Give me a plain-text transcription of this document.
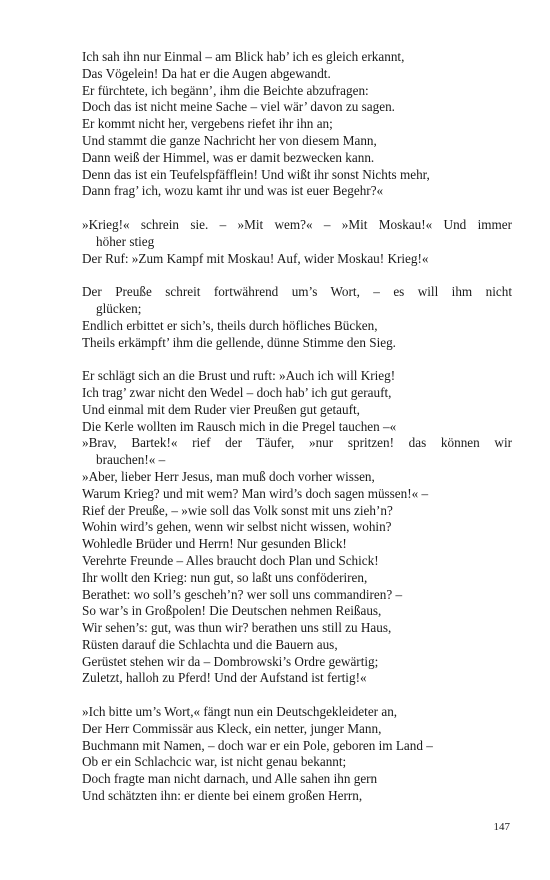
Ich sah ihn nur Einmal – am Blick hab’ ich es gleich erkannt,
Das Vögelein! Da hat er die Augen abgewandt.
Er fürchtete, ich begänn’, ihm die Beichte abzufragen:
Doch das ist nicht meine Sache – viel wär’ davon zu sagen.
Er kommt nicht her, vergebens riefet ihr ihn an;
Und stammt die ganze Nachricht her von diesem Mann,
Dann weiß der Himmel, was er damit bezwecken kann.
Denn das ist ein Teufelspfäfflein! Und wißt ihr sonst Nichts mehr,
Dann frag’ ich, wozu kamt ihr und was ist euer Begehr?«
»Krieg!« schrein sie. – »Mit wem?« – »Mit Moskau!« Und immer
höher stieg
Der Ruf: »Zum Kampf mit Moskau! Auf, wider Moskau! Krieg!«
Der Preuße schreit fortwährend um’s Wort, – es will ihm nicht
glücken;
Endlich erbittet er sich’s, theils durch höfliches Bücken,
Theils erkämpft’ ihm die gellende, dünne Stimme den Sieg.
Er schlägt sich an die Brust und ruft: »Auch ich will Krieg!
Ich trag’ zwar nicht den Wedel – doch hab’ ich gut gerauft,
Und einmal mit dem Ruder vier Preußen gut getauft,
Die Kerle wollten im Rausch mich in die Pregel tauchen –«
»Brav, Bartek!« rief der Täufer, »nur spritzen! das können wir
brauchen!« –
»Aber, lieber Herr Jesus, man muß doch vorher wissen,
Warum Krieg? und mit wem? Man wird’s doch sagen müssen!« –
Rief der Preuße, – »wie soll das Volk sonst mit uns zieh’n?
Wohin wird’s gehen, wenn wir selbst nicht wissen, wohin?
Wohledle Brüder und Herrn! Nur gesunden Blick!
Verehrte Freunde – Alles braucht doch Plan und Schick!
Ihr wollt den Krieg: nun gut, so laßt uns conföderiren,
Berathet: wo soll’s gescheh’n? wer soll uns commandiren? –
So war’s in Großpolen! Die Deutschen nehmen Reißaus,
Wir sehen’s: gut, was thun wir? berathen uns still zu Haus,
Rüsten darauf die Schlachta und die Bauern aus,
Gerüstet stehen wir da – Dombrowski’s Ordre gewärtig;
Zuletzt, halloh zu Pferd! Und der Aufstand ist fertig!«
»Ich bitte um’s Wort,« fängt nun ein Deutschgekleideter an,
Der Herr Commissär aus Kleck, ein netter, junger Mann,
Buchmann mit Namen, – doch war er ein Pole, geboren im Land –
Ob er ein Schlachcic war, ist nicht genau bekannt;
Doch fragte man nicht darnach, und Alle sahen ihn gern
Und schätzten ihn: er diente bei einem großen Herrn,
147
